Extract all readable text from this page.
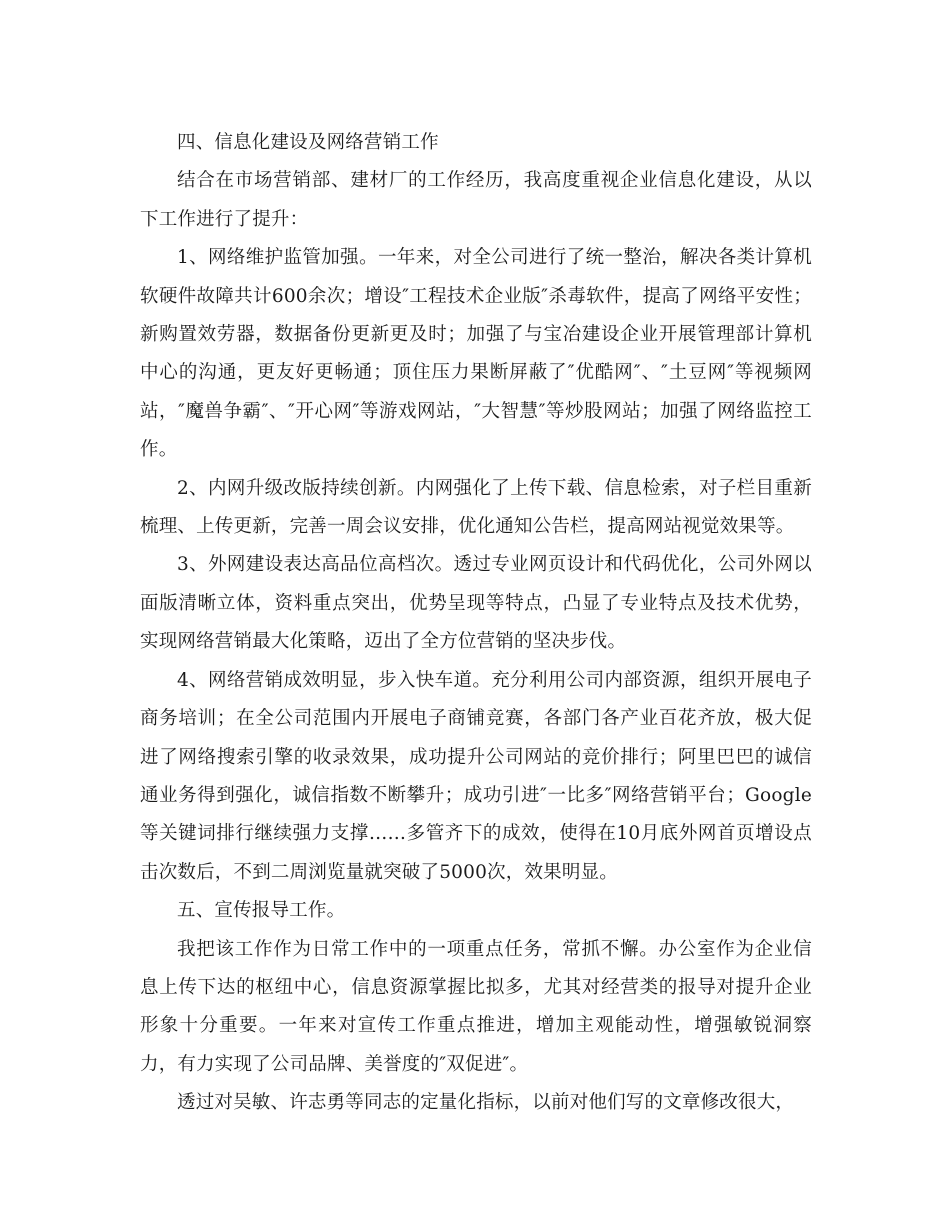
四、信息化建设及网络营销工作

结合在市场营销部、建材厂的工作经历，我高度重视企业信息化建设，从以下工作进行了提升：

1、网络维护监管加强。一年来，对全公司进行了统一整治，解决各类计算机软硬件故障共计600余次；增设″工程技术企业版″杀毒软件，提高了网络平安性；新购置效劳器，数据备份更新更及时；加强了与宝冶建设企业开展管理部计算机中心的沟通，更友好更畅通；顶住压力果断屏蔽了″优酷网″、″土豆网″等视频网站，″魔兽争霸″、″开心网″等游戏网站，″大智慧″等炒股网站；加强了网络监控工作。

2、内网升级改版持续创新。内网强化了上传下载、信息检索，对子栏目重新梳理、上传更新，完善一周会议安排，优化通知公告栏，提高网站视觉效果等。

3、外网建设表达高品位高档次。透过专业网页设计和代码优化，公司外网以面版清晰立体，资料重点突出，优势呈现等特点，凸显了专业特点及技术优势，实现网络营销最大化策略，迈出了全方位营销的坚决步伐。

4、网络营销成效明显，步入快车道。充分利用公司内部资源，组织开展电子商务培训；在全公司范围内开展电子商铺竞赛，各部门各产业百花齐放，极大促进了网络搜索引擎的收录效果，成功提升公司网站的竞价排行；阿里巴巴的诚信通业务得到强化，诚信指数不断攀升；成功引进″一比多″网络营销平台；Google等关键词排行继续强力支撑……多管齐下的成效，使得在10月底外网首页增设点击次数后，不到二周浏览量就突破了5000次，效果明显。

五、宣传报导工作。

我把该工作作为日常工作中的一项重点任务，常抓不懈。办公室作为企业信息上传下达的枢纽中心，信息资源掌握比拟多，尤其对经营类的报导对提升企业形象十分重要。一年来对宣传工作重点推进，增加主观能动性，增强敏锐洞察力，有力实现了公司品牌、美誉度的″双促进″。

透过对吴敏、许志勇等同志的定量化指标，以前对他们写的文章修改很大，
